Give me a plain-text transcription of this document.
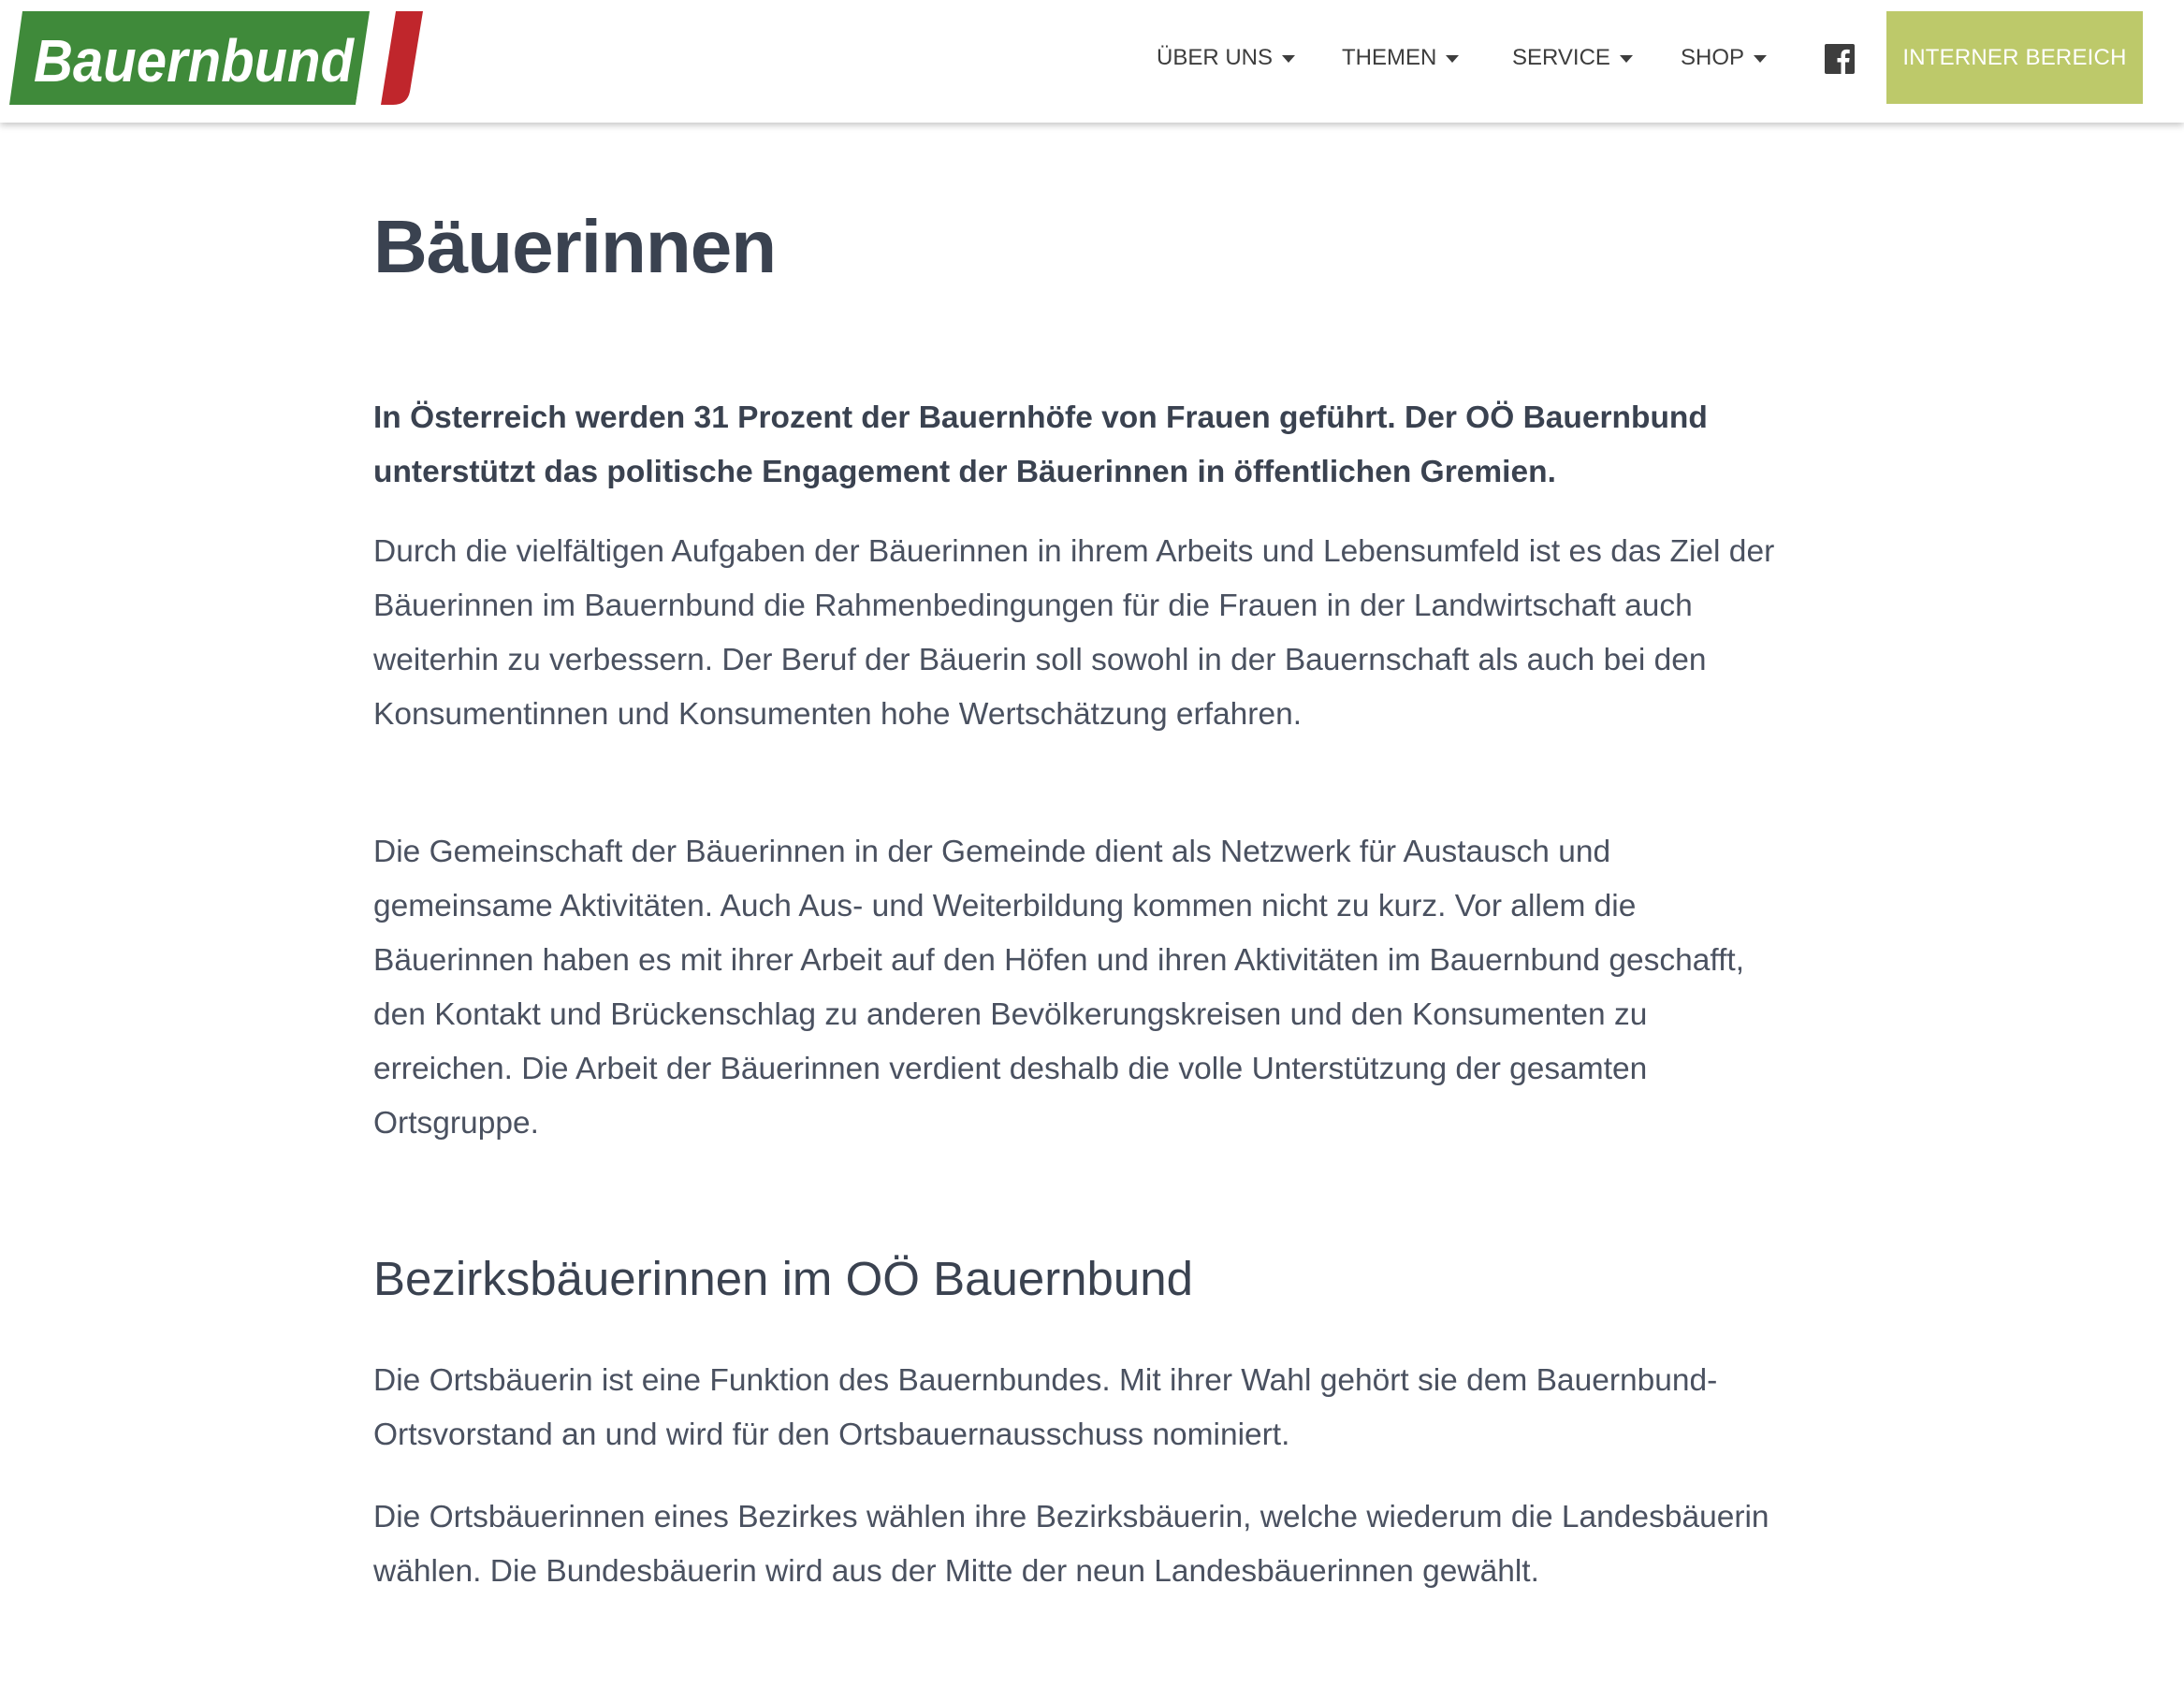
Bauernbund	ÜBER UNS	THEMEN	SERVICE	SHOP	INTERNER BEREICH
Bäuerinnen

In Österreich werden 31 Prozent der Bauernhöfe von Frauen geführt. Der OÖ Bauernbund unterstützt das politische Engagement der Bäuerinnen in öffentlichen Gremien.

Durch die vielfältigen Aufgaben der Bäuerinnen in ihrem Arbeits und Lebensumfeld ist es das Ziel der Bäuerinnen im Bauernbund die Rahmenbedingungen für die Frauen in der Landwirtschaft auch weiterhin zu verbessern. Der Beruf der Bäuerin soll sowohl in der Bauernschaft als auch bei den Konsumentinnen und Konsumenten hohe Wertschätzung erfahren.

Die Gemeinschaft der Bäuerinnen in der Gemeinde dient als Netzwerk für Austausch und gemeinsame Aktivitäten. Auch Aus- und Weiterbildung kommen nicht zu kurz. Vor allem die Bäuerinnen haben es mit ihrer Arbeit auf den Höfen und ihren Aktivitäten im Bauernbund geschafft, den Kontakt und Brückenschlag zu anderen Bevölkerungskreisen und den Konsumenten zu erreichen. Die Arbeit der Bäuerinnen verdient deshalb die volle Unterstützung der gesamten Ortsgruppe.

Bezirksbäuerinnen im OÖ Bauernbund

Die Ortsbäuerin ist eine Funktion des Bauernbundes. Mit ihrer Wahl gehört sie dem Bauernbund-Ortsvorstand an und wird für den Ortsbauernausschuss nominiert.

Die Ortsbäuerinnen eines Bezirkes wählen ihre Bezirksbäuerin, welche wiederum die Landesbäuerin wählen. Die Bundesbäuerin wird aus der Mitte der neun Landesbäuerinnen gewählt.
